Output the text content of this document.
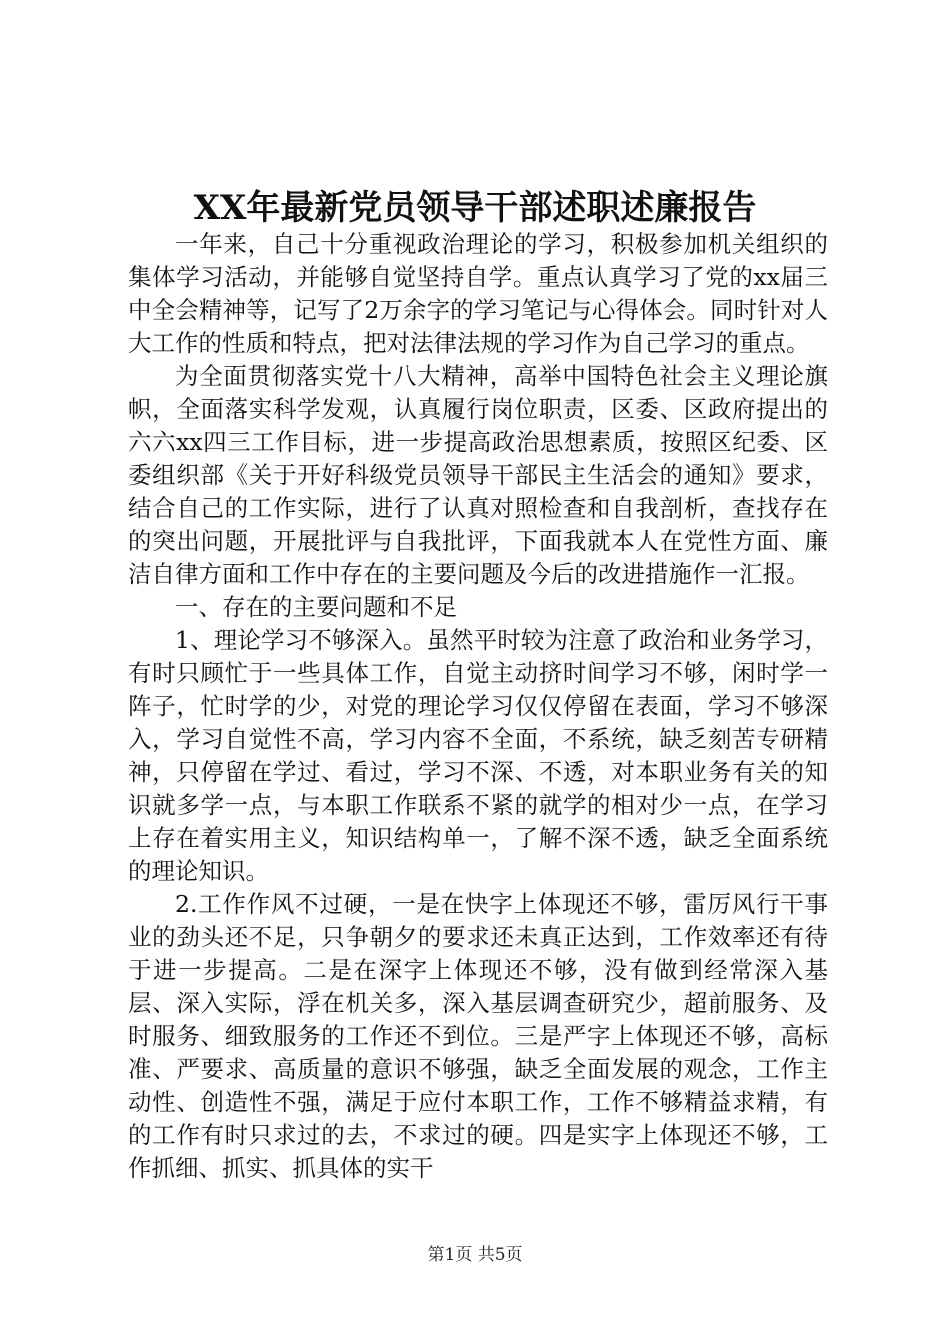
XX年最新党员领导干部述职述廉报告

一年来，自己十分重视政治理论的学习，积极参加机关组织的集体学习活动，并能够自觉坚持自学。重点认真学习了党的xx届三中全会精神等，记写了2万余字的学习笔记与心得体会。同时针对人大工作的性质和特点，把对法律法规的学习作为自己学习的重点。

为全面贯彻落实党十八大精神，高举中国特色社会主义理论旗帜，全面落实科学发观，认真履行岗位职责，区委、区政府提出的六六xx四三工作目标，进一步提高政治思想素质，按照区纪委、区委组织部《关于开好科级党员领导干部民主生活会的通知》要求，结合自己的工作实际，进行了认真对照检查和自我剖析，查找存在的突出问题，开展批评与自我批评，下面我就本人在党性方面、廉洁自律方面和工作中存在的主要问题及今后的改进措施作一汇报。

一、存在的主要问题和不足

1、理论学习不够深入。虽然平时较为注意了政治和业务学习，有时只顾忙于一些具体工作，自觉主动挤时间学习不够，闲时学一阵子，忙时学的少，对党的理论学习仅仅停留在表面，学习不够深入，学习自觉性不高，学习内容不全面，不系统，缺乏刻苦专研精神，只停留在学过、看过，学习不深、不透，对本职业务有关的知识就多学一点，与本职工作联系不紧的就学的相对少一点，在学习上存在着实用主义，知识结构单一，了解不深不透，缺乏全面系统的理论知识。

2.工作作风不过硬，一是在快字上体现还不够，雷厉风行干事业的劲头还不足，只争朝夕的要求还未真正达到，工作效率还有待于进一步提高。二是在深字上体现还不够，没有做到经常深入基层、深入实际，浮在机关多，深入基层调查研究少，超前服务、及时服务、细致服务的工作还不到位。三是严字上体现还不够，高标准、严要求、高质量的意识不够强，缺乏全面发展的观念，工作主动性、创造性不强，满足于应付本职工作，工作不够精益求精，有的工作有时只求过的去，不求过的硬。四是实字上体现还不够，工作抓细、抓实、抓具体的实干

第1页 共5页
